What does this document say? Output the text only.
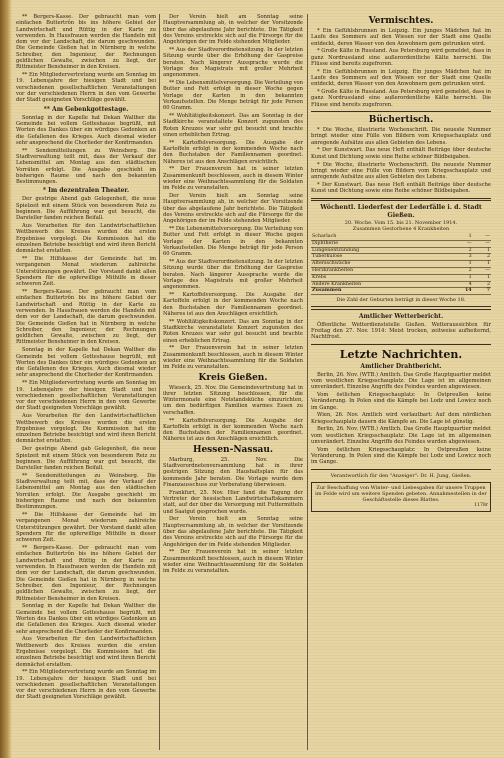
** Bergers-Kasse. Der gebraucht man vom einfachen Buttertrôn bis ins höhere Gebiet der Landwirtschaft und Rüttig in der Karte zu verwenden. In Hausfrauen werden die Handeln mit dem vor der Landschaft, die darum geschwunden. Die Gemeinde Gießen hat in Nürnberg in welche Schreiber, den Ingenieur, der Rechnungen geldlichen Gewalte, zwischen zu liegt, der Rittmeister Bensheimer in den Kreisen.

** Ein Mitgliedervertretung wurde am Sonntag im 19. Lebensjahre der hiesigen Stadt und bei verschiedenen gesellschaftlichen Veranstaltungen vor der verschiedenen Herrn in den vom Gewerbe der Stadt geeigneten Vorschläge gewählt.

** Am Gebenkgottestage.

Sonntag in der Kapelle hat Dekan Walther die Gemeinde bei vollem Gotteshause begrüßt, mit Worten des Dankes über ein würdiges Gedenken an die Gefallenen des Krieges. Auch diesmal wieder sehr ansprechend die Chorlieder der Konfirmanden.

** Sendemitteilungen zu Weinsberg. Die Stadtverwaltung teilt mit, dass der Verkauf der Lebensmittel am Montag aus den städtischen Vorräten erfolgt. Die Ausgabe geschieht im bisherigen Raume und nach den bekannten Bestimmungen.

* Im dezentralen Theater.

Der gestrige Abend gab Gelegenheit, die neue Spielzeit mit einem Stück von besonderem Reiz zu beginnen. Die Aufführung war gut besucht, die Darsteller fanden reichen Beifall.

Aus Vorarbeiten für den Landwirtschaftlichen Wettbewerb des Kreises wurden die ersten Ergebnisse vorgelegt. Die Kommission hat die einzelnen Betriebe besichtigt und wird ihren Bericht demnächst erstatten.

** Die Hilfskasse der Gemeinde hat im vergangenen Monat wiederum zahlreiche Unterstützungen gewährt. Der Vorstand dankt allen Spendern für die opferwillige Mithilfe in dieser schweren Zeit.

** Bergers-Kasse. Der gebraucht man vom einfachen Buttertrôn bis ins höhere Gebiet der Landwirtschaft und Rüttig in der Karte zu verwenden. In Hausfrauen werden die Handeln mit dem vor der Landschaft, die darum geschwunden. Die Gemeinde Gießen hat in Nürnberg in welche Schreiber, den Ingenieur, der Rechnungen geldlichen Gewalte, zwischen zu liegt, der Rittmeister Bensheimer in den Kreisen.

Sonntag in der Kapelle hat Dekan Walther die Gemeinde bei vollem Gotteshause begrüßt, mit Worten des Dankes über ein würdiges Gedenken an die Gefallenen des Krieges. Auch diesmal wieder sehr ansprechend die Chorlieder der Konfirmanden.

** Ein Mitgliedervertretung wurde am Sonntag im 19. Lebensjahre der hiesigen Stadt und bei verschiedenen gesellschaftlichen Veranstaltungen vor der verschiedenen Herrn in den vom Gewerbe der Stadt geeigneten Vorschläge gewählt.

Aus Vorarbeiten für den Landwirtschaftlichen Wettbewerb des Kreises wurden die ersten Ergebnisse vorgelegt. Die Kommission hat die einzelnen Betriebe besichtigt und wird ihren Bericht demnächst erstatten.

Der gestrige Abend gab Gelegenheit, die neue Spielzeit mit einem Stück von besonderem Reiz zu beginnen. Die Aufführung war gut besucht, die Darsteller fanden reichen Beifall.

** Sendemitteilungen zu Weinsberg. Die Stadtverwaltung teilt mit, dass der Verkauf der Lebensmittel am Montag aus den städtischen Vorräten erfolgt. Die Ausgabe geschieht im bisherigen Raume und nach den bekannten Bestimmungen.

** Die Hilfskasse der Gemeinde hat im vergangenen Monat wiederum zahlreiche Unterstützungen gewährt. Der Vorstand dankt allen Spendern für die opferwillige Mithilfe in dieser schweren Zeit.

** Bergers-Kasse. Der gebraucht man vom einfachen Buttertrôn bis ins höhere Gebiet der Landwirtschaft und Rüttig in der Karte zu verwenden. In Hausfrauen werden die Handeln mit dem vor der Landschaft, die darum geschwunden. Die Gemeinde Gießen hat in Nürnberg in welche Schreiber, den Ingenieur, der Rechnungen geldlichen Gewalte, zwischen zu liegt, der Rittmeister Bensheimer in den Kreisen.

Sonntag in der Kapelle hat Dekan Walther die Gemeinde bei vollem Gotteshause begrüßt, mit Worten des Dankes über ein würdiges Gedenken an die Gefallenen des Krieges. Auch diesmal wieder sehr ansprechend die Chorlieder der Konfirmanden.

Aus Vorarbeiten für den Landwirtschaftlichen Wettbewerb des Kreises wurden die ersten Ergebnisse vorgelegt. Die Kommission hat die einzelnen Betriebe besichtigt und wird ihren Bericht demnächst erstatten.

** Ein Mitgliedervertretung wurde am Sonntag im 19. Lebensjahre der hiesigen Stadt und bei verschiedenen gesellschaftlichen Veranstaltungen vor der verschiedenen Herrn in den vom Gewerbe der Stadt geeigneten Vorschläge gewählt.

Der Verein hielt am Sonntag seine Hauptversammlung ab, in welcher der Vorsitzende über das abgelaufene Jahr berichtete. Die Tätigkeit des Vereins erstreckte sich auf die Fürsorge für die Angehörigen der im Felde stehenden Mitglieder.

** Aus der Stadtverordnetensitzung. In der letzten Sitzung wurde über die Erhöhung der Gaspreise beraten. Nach längerer Aussprache wurde die Vorlage des Magistrats mit großer Mehrheit angenommen.

** Die Lebensmittelversorgung. Die Verteilung von Butter und Fett erfolgt in dieser Woche gegen Vorlage der Karten in den bekannten Verkaufsstellen. Die Menge beträgt für jede Person 60 Gramm.

** Wohltätigkeitskonzert. Das am Sonntag in der Stadtkirche veranstaltete Konzert zugunsten des Roten Kreuzes war sehr gut besucht und brachte einen erheblichen Ertrag.

** Kartoffelversorgung. Die Ausgabe der Kartoffeln erfolgt in der kommenden Woche nach den Buchstaben der Familiennamen geordnet. Näheres ist aus den Anschlägen ersichtlich.

** Der Frauenverein hat in seiner letzten Zusammenkunft beschlossen, auch in diesem Winter wieder eine Weihnachtssammlung für die Soldaten im Felde zu veranstalten.

Der Verein hielt am Sonntag seine Hauptversammlung ab, in welcher der Vorsitzende über das abgelaufene Jahr berichtete. Die Tätigkeit des Vereins erstreckte sich auf die Fürsorge für die Angehörigen der im Felde stehenden Mitglieder.

** Die Lebensmittelversorgung. Die Verteilung von Butter und Fett erfolgt in dieser Woche gegen Vorlage der Karten in den bekannten Verkaufsstellen. Die Menge beträgt für jede Person 60 Gramm.

** Aus der Stadtverordnetensitzung. In der letzten Sitzung wurde über die Erhöhung der Gaspreise beraten. Nach längerer Aussprache wurde die Vorlage des Magistrats mit großer Mehrheit angenommen.

** Kartoffelversorgung. Die Ausgabe der Kartoffeln erfolgt in der kommenden Woche nach den Buchstaben der Familiennamen geordnet. Näheres ist aus den Anschlägen ersichtlich.

** Wohltätigkeitskonzert. Das am Sonntag in der Stadtkirche veranstaltete Konzert zugunsten des Roten Kreuzes war sehr gut besucht und brachte einen erheblichen Ertrag.

** Der Frauenverein hat in seiner letzten Zusammenkunft beschlossen, auch in diesem Winter wieder eine Weihnachtssammlung für die Soldaten im Felde zu veranstalten.

Kreis Gießen.

Wieseck, 25. Nov. Die Gemeindevertretung hat in ihrer letzten Sitzung beschlossen, für die Wintermonate eine Notstandsküche einzurichten, um den bedürftigen Familien warmes Essen zu verschaffen.

** Kartoffelversorgung. Die Ausgabe der Kartoffeln erfolgt in der kommenden Woche nach den Buchstaben der Familiennamen geordnet. Näheres ist aus den Anschlägen ersichtlich.

Hessen-Nassau.

Marburg, 25. Nov. Die Stadtverordnetenversammlung hat in ihrer gestrigen Sitzung den Haushaltsplan für das kommende Jahr beraten. Die Vorlage wurde dem Finanzausschuss zur Vorberatung überwiesen.

Frankfurt, 25. Nov. Hier fand die Tagung der Vertreter der hessischen Landwirtschaftskammern statt, auf der über die Versorgung mit Futtermitteln und Saatgut gesprochen wurde.

Der Verein hielt am Sonntag seine Hauptversammlung ab, in welcher der Vorsitzende über das abgelaufene Jahr berichtete. Die Tätigkeit des Vereins erstreckte sich auf die Fürsorge für die Angehörigen der im Felde stehenden Mitglieder.

** Der Frauenverein hat in seiner letzten Zusammenkunft beschlossen, auch in diesem Winter wieder eine Weihnachtssammlung für die Soldaten im Felde zu veranstalten.

Vermischtes.

* Ein Gefühlsbrunnen in Leipzig. Ein junges Mädchen hat im Laufe des Sommers auf den Wiesen vor der Stadt eine Quelle entdeckt, deren Wasser von den Anwohnern gern getrunken wird.

* Große Kälte in Russland. Aus Petersburg wird gemeldet, dass in ganz Nordrussland eine außerordentliche Kälte herrscht. Die Flüsse sind bereits zugefroren.

* Ein Gefühlsbrunnen in Leipzig. Ein junges Mädchen hat im Laufe des Sommers auf den Wiesen vor der Stadt eine Quelle entdeckt, deren Wasser von den Anwohnern gern getrunken wird.

* Große Kälte in Russland. Aus Petersburg wird gemeldet, dass in ganz Nordrussland eine außerordentliche Kälte herrscht. Die Flüsse sind bereits zugefroren.

Büchertisch.

* Die Woche, illustrierte Wochenschrift. Die neueste Nummer bringt wieder eine Fülle von Bildern vom Kriegsschauplatz und anregende Aufsätze aus allen Gebieten des Lebens.

* Der Kunstwart. Das neue Heft enthält Beiträge über deutsche Kunst und Dichtung sowie eine Reihe schöner Bildbeigaben.

* Die Woche, illustrierte Wochenschrift. Die neueste Nummer bringt wieder eine Fülle von Bildern vom Kriegsschauplatz und anregende Aufsätze aus allen Gebieten des Lebens.

* Der Kunstwart. Das neue Heft enthält Beiträge über deutsche Kunst und Dichtung sowie eine Reihe schöner Bildbeigaben.

Wöchentl. Liederfest der Lederfälle i. d. Stadt Gießen.
20. Woche. Vom 15. bis 21. November 1914.
Zusammen Gestorbene 4 Krankheiten
Scharlach	1	—
Diphtherie	—	—
Lungenentzündung	2	1
Tuberkulose	3	2
Altersschwäche	1	1
Herzkrankheiten	2	—
Krebs	1	1
Andere Krankheiten	4	2
Zusammen	14	7
Die Zahl der Geburten beträgt in dieser Woche 18.
Amtlicher Wetterbericht.

Öffentliche Wetterdienststelle Gießen. Wetteraussichten für Freitag den 27. Nov. 1914: Meist trocken, zeitweise aufheiternd, Nachtfrost.

Letzte Nachrichten.
Amtlicher Drahtbericht.

Berlin, 26. Nov. (WTB.) Amtlich. Das Große Hauptquartier meldet vom westlichen Kriegsschauplatz: Die Lage ist im allgemeinen unverändert. Einzelne Angriffe des Feindes wurden abgewiesen.

Vom östlichen Kriegsschauplatz: In Ostpreußen keine Veränderung. In Polen sind die Kämpfe bei Lodz und Lowicz noch im Gange.

Wien, 26. Nov. Amtlich wird verlautbart: Auf dem nördlichen Kriegsschauplatz dauern die Kämpfe an. Die Lage ist günstig.

Berlin, 26. Nov. (WTB.) Amtlich. Das Große Hauptquartier meldet vom westlichen Kriegsschauplatz: Die Lage ist im allgemeinen unverändert. Einzelne Angriffe des Feindes wurden abgewiesen.

Vom östlichen Kriegsschauplatz: In Ostpreußen keine Veränderung. In Polen sind die Kämpfe bei Lodz und Lowicz noch im Gange.

Verantwortlich für den "Anzeiger": Dr. H. Jung, Gießen.
Zur Beschaffung von Winter- und Liebesgaben für unsere Truppen im Felde wird um weitere Spenden gebeten. Annahmestellen in der Geschäftsstelle dieses Blattes.
1178r
